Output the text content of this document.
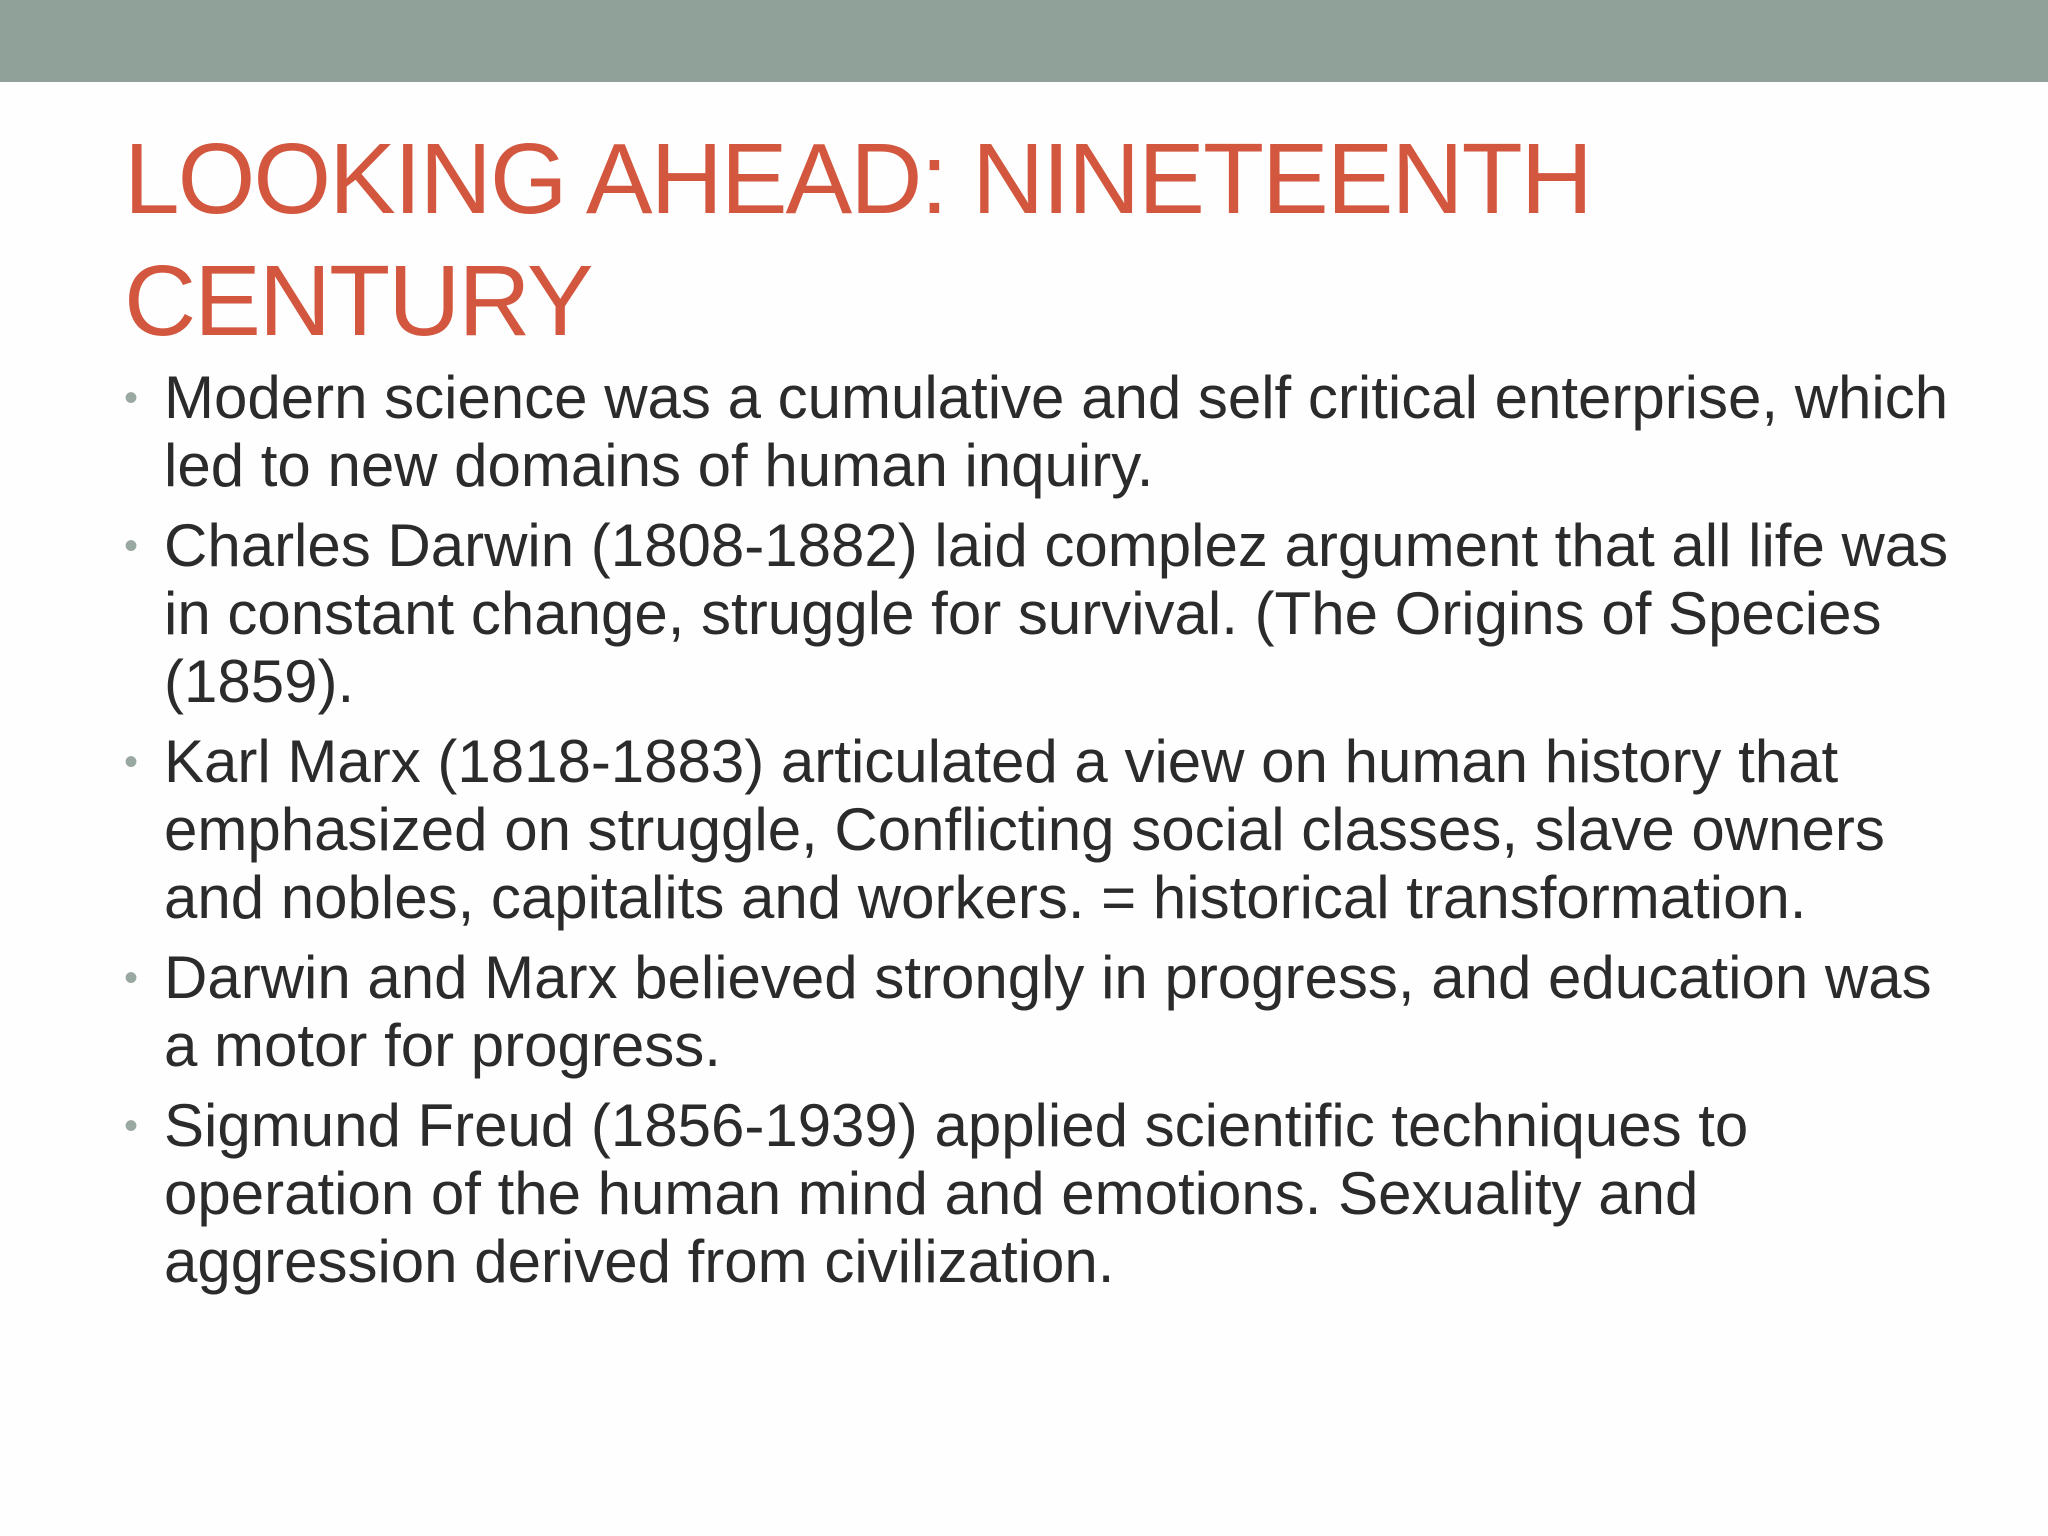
LOOKING AHEAD: NINETEENTH CENTURY
• Modern science was a cumulative and self critical enterprise, which led to new domains of human inquiry.
• Charles Darwin (1808-1882) laid complez argument that all life was in constant change, struggle for survival. (The Origins of Species (1859).
• Karl Marx (1818-1883) articulated a view on human history that emphasized on struggle, Conflicting social classes, slave owners and nobles, capitalits and workers. = historical transformation.
• Darwin and Marx believed strongly in progress, and education was a motor for progress.
• Sigmund Freud (1856-1939) applied scientific techniques to operation of the human mind and emotions. Sexuality and aggression derived from civilization.
